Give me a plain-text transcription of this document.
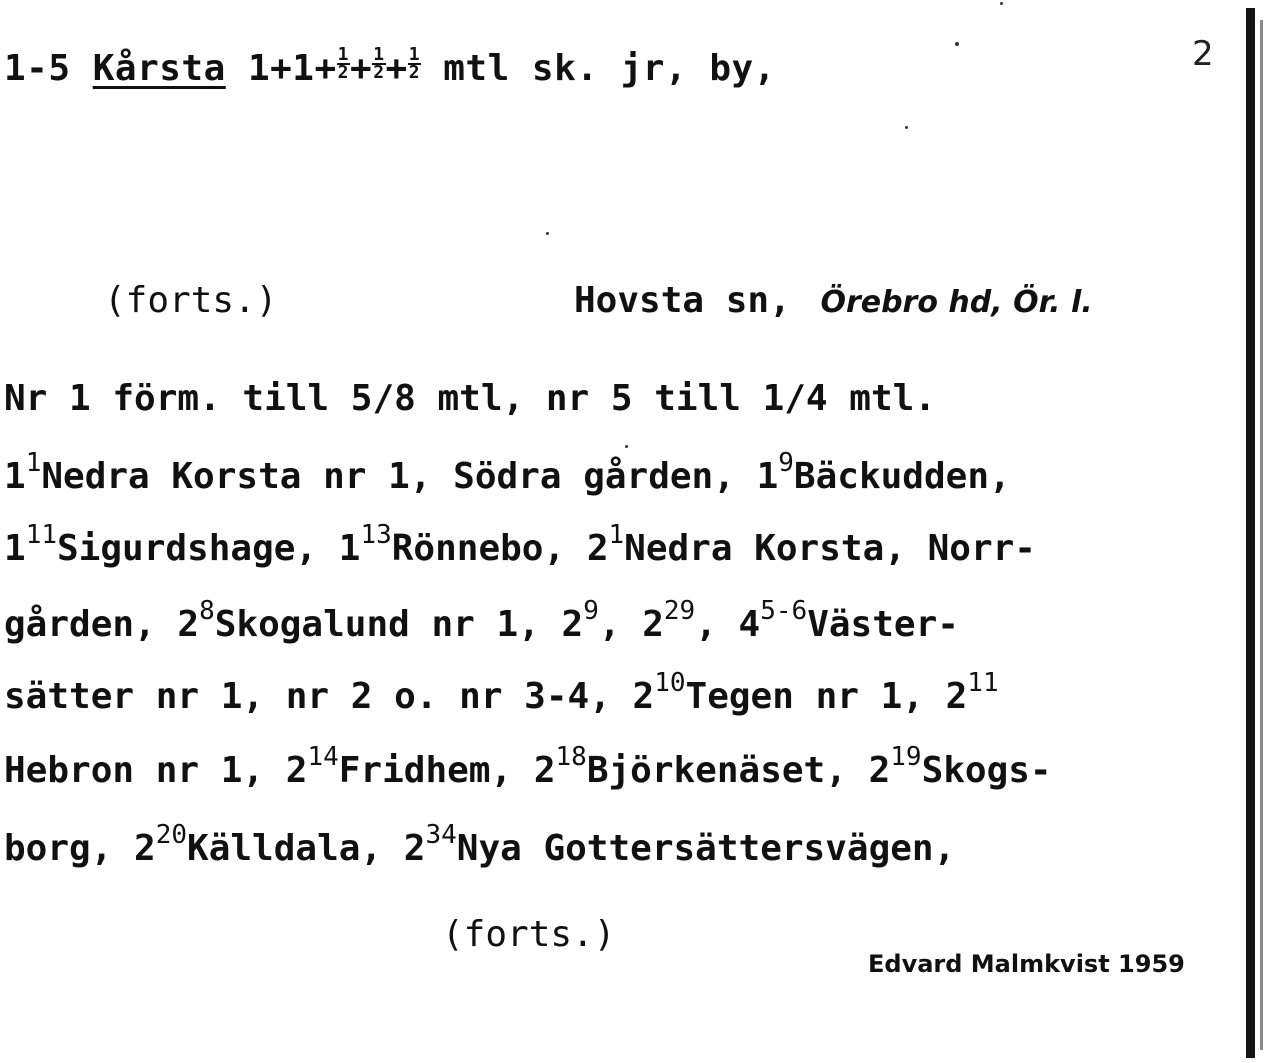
1-5 Kårsta $1+1+ \frac{1}{2} + \frac{1}{2} + \frac{1}{2}$ mtl sk. jr, by,	2
(forts.)	Hovsta sn, Örebro hd, Ör. l.
Nr 1 förm. till 5/8 mtl, nr 5 till 1/4 mtl.
$1^1Nedra$ Korsta nr 1, Södra gården, $1^9Bäckudden$,
$1^{11}Sigurdshage$, $1^{13}Rönnebo$, $2^1Nedra$ Korsta, Norr-
gården, $2^8Skogalund$ nr 1, $2^9$, $2^{29}$, 4$^{5-6}$Väster-
sätter nr 1, nr 2 o. nr 3-4, $2^{10}Tegen$ nr 1, $2^{11}$
Hebron nr 1, $2^{14}Fridhem$, $2^{18}Björkenäset$, $2^{19}Skogs-$
borg, $2^{20}Källdala$, $2^{34}Nya$ Gottersättersvägen,
(forts.)
Edvard Malmkvist 1959
